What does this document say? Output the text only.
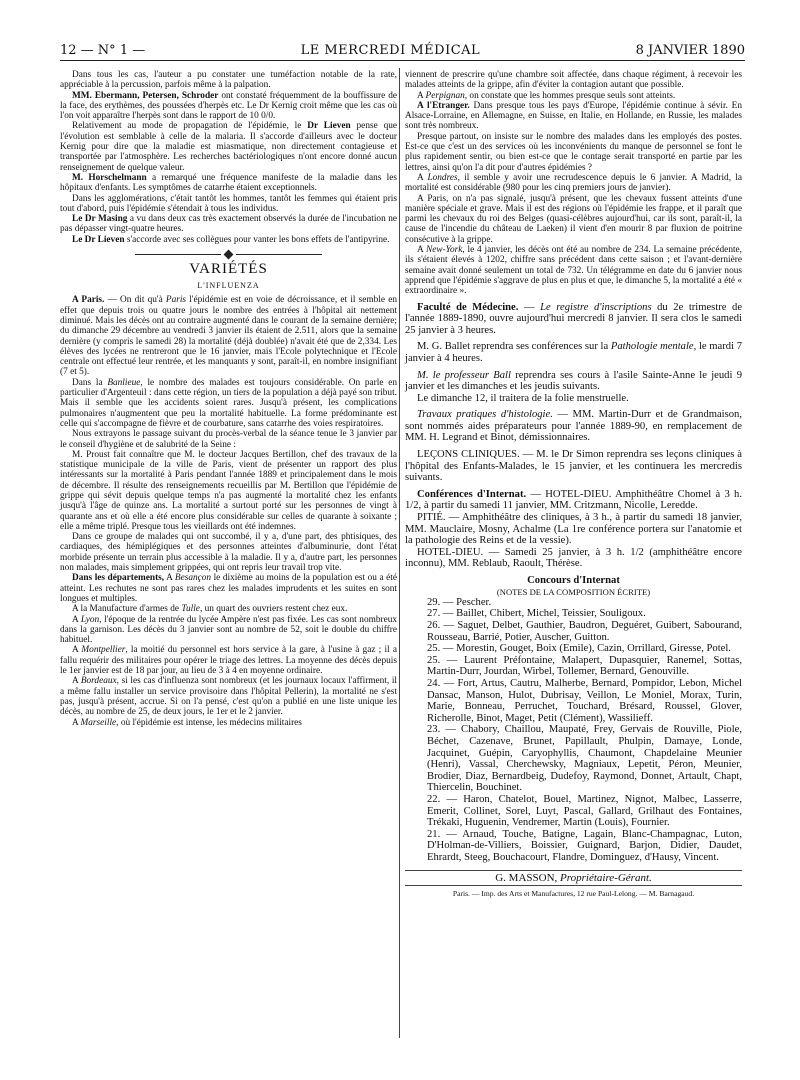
12 — N° 1 —	LE MERCREDI MÉDICAL	8 JANVIER 1890

Dans tous les cas, l'auteur a pu constater une tuméfaction notable de la rate, appréciable à la percussion, parfois même à la palpation.

MM. Ebermann, Petersen, Schroder ont constaté fréquemment de la bouffissure de la face, des erythèmes, des poussées d'herpès etc. Le Dr Kernig croit même que les cas où l'on voit apparaître l'herpès sont dans le rapport de 10 0/0.

Relativement au mode de propagation de l'épidémie, le Dr Lieven pense que l'évolution est semblable à celle de la malaria. Il s'accorde d'ailleurs avec le docteur Kernig pour dire que la maladie est miasmatique, non directement contagieuse et transportée par l'atmosphère. Les recherches bactériologiques n'ont encore donné aucun renseignement de quelque valeur.

M. Horschelmann a remarqué une fréquence manifeste de la maladie dans les hôpitaux d'enfants. Les symptômes de catarrhe étaient exceptionnels.

Dans les agglomérations, c'était tantôt les hommes, tantôt les femmes qui étaient pris tout d'abord, puis l'épidémie s'étendait à tous les individus.

Le Dr Masing a vu dans deux cas très exactement observés la durée de l'incubation ne pas dépasser vingt-quatre heures.

Le Dr Lieven s'accorde avec ses collègues pour vanter les bons effets de l'antipyrine.

VARIÉTÉS
L'INFLUENZA

A Paris. — On dit qu'à Paris l'épidémie est en voie de décroissance, et il semble en effet que depuis trois ou quatre jours le nombre des entrées à l'hôpital ait nettement diminué. Mais les décès ont au contraire augmenté dans le courant de la semaine dernière; du dimanche 29 décembre au vendredi 3 janvier ils étaient de 2.511, alors que la semaine dernière (y compris le samedi 28) la mortalité (déjà doublée) n'avait été que de 2,334. Les élèves des lycées ne rentreront que le 16 janvier, mais l'Ecole polytechnique et l'Ecole centrale ont effectué leur rentrée, et les manquants y sont, paraît-il, en nombre insignifiant (7 et 5).

Dans la Banlieue, le nombre des malades est toujours considérable. On parle en particulier d'Argenteuil : dans cette région, un tiers de la population a déjà payé son tribut. Mais il semble que les accidents soient rares. Jusqu'à présent, les complications pulmonaires n'augmentent que peu la mortalité habituelle. La forme prédominante est celle qui s'accompagne de fièvre et de courbature, sans catarrhe des voies respiratoires.

Nous extrayons le passage suivant du procès-verbal de la séance tenue le 3 janvier par le conseil d'hygiène et de salubrité de la Seine :

M. Proust fait connaître que M. le docteur Jacques Bertillon, chef des travaux de la statistique municipale de la ville de Paris, vient de présenter un rapport des plus intéressants sur la mortalité à Paris pendant l'année 1889 et principalement dans le mois de décembre. Il résulte des renseignements recueillis par M. Bertillon que l'épidémie de grippe qui sévit depuis quelque temps n'a pas augmenté la mortalité chez les enfants jusqu'à l'âge de quinze ans. La mortalité a surtout porté sur les personnes de vingt à quarante ans et où elle a été encore plus considérable sur celles de quarante à soixante ; elle a même triplé. Presque tous les vieillards ont été indemnes.

Dans ce groupe de malades qui ont succombé, il y a, d'une part, des phtisiques, des cardiaques, des hémiplégiques et des personnes atteintes d'albuminurie, dont l'état morbide présente un terrain plus accessible à la maladie. Il y a, d'autre part, les personnes non malades, mais simplement grippées, qui ont repris leur travail trop vite.

Dans les départements, A Besançon le dixième au moins de la population est ou a été atteint. Les rechutes ne sont pas rares chez les malades imprudents et les suites en sont longues et multiples.

A la Manufacture d'armes de Tulle, un quart des ouvriers restent chez eux.

A Lyon, l'époque de la rentrée du lycée Ampère n'est pas fixée. Les cas sont nombreux dans la garnison. Les décès du 3 janvier sont au nombre de 52, soit le double du chiffre habituel.

A Montpellier, la moitié du personnel est hors service à la gare, à l'usine à gaz ; il a fallu requérir des militaires pour opérer le triage des lettres. La moyenne des décès depuis le 1er janvier est de 18 par jour, au lieu de 3 à 4 en moyenne ordinaire.

A Bordeaux, si les cas d'influenza sont nombreux (et les journaux locaux l'affirment, il a même fallu installer un service provisoire dans l'hôpital Pellerin), la mortalité ne s'est pas, jusqu'à présent, accrue. Si on l'a pensé, c'est qu'on a publié en une liste unique les décès, au nombre de 25, de deux jours, le 1er et le 2 janvier.

A Marseille, où l'épidémie est intense, les médecins militaires

viennent de prescrire qu'une chambre soit affectée, dans chaque régiment, à recevoir les malades atteints de la grippe, afin d'éviter la contagion autant que possible.

A Perpignan, on constate que les hommes presque seuls sont atteints.

A l'Etranger. Dans presque tous les pays d'Europe, l'épidémie continue à sévir. En Alsace-Lorraine, en Allemagne, en Suisse, en Italie, en Hollande, en Russie, les malades sont très nombreux.

Presque partout, on insiste sur le nombre des malades dans les employés des postes. Est-ce que c'est un des services où les inconvénients du manque de personnel se font le plus rapidement sentir, ou bien est-ce que le contage serait transporté en partie par les lettres, ainsi qu'on l'a dit pour d'autres épidémies ?

A Londres, il semble y avoir une recrudescence depuis le 6 janvier. A Madrid, la mortalité est considérable (980 pour les cinq premiers jours de janvier).

A Paris, on n'a pas signalé, jusqu'à présent, que les chevaux fussent atteints d'une manière spéciale et grave. Mais il est des régions où l'épidémie les frappe, et il paraît que parmi les chevaux du roi des Belges (quasi-célèbres aujourd'hui, car ils sont, paraît-il, la cause de l'incendie du château de Laeken) il vient d'en mourir 8 par fluxion de poitrine consécutive à la grippe.

A New-York, le 4 janvier, les décès ont été au nombre de 234. La semaine précédente, ils s'étaient élevés à 1202, chiffre sans précédent dans cette saison ; et l'avant-dernière semaine avait donné seulement un total de 732. Un télégramme en date du 6 janvier nous apprend que l'épidémie s'aggrave de plus en plus et que, le dimanche 5, la mortalité a été « extraordinaire ».

Faculté de Médecine. — Le registre d'inscriptions du 2e trimestre de l'année 1889-1890, ouvre aujourd'hui mercredi 8 janvier. Il sera clos le samedi 25 janvier à 3 heures.

M. G. Ballet reprendra ses conférences sur la Pathologie mentale, le mardi 7 janvier à 4 heures.

M. le professeur Ball reprendra ses cours à l'asile Sainte-Anne le jeudi 9 janvier et les dimanches et les jeudis suivants.

Le dimanche 12, il traitera de la folie menstruelle.

Travaux pratiques d'histologie. — MM. Martin-Durr et de Grandmaison, sont nommés aides préparateurs pour l'année 1889-90, en remplacement de MM. H. Legrand et Binot, démissionnaires.

LEÇONS CLINIQUES. — M. le Dr Simon reprendra ses leçons cliniques à l'hôpital des Enfants-Malades, le 15 janvier, et les continuera les mercredis suivants.

Conférences d'Internat. — HOTEL-DIEU. Amphithéâtre Chomel à 3 h. 1/2, à partir du samedi 11 janvier, MM. Critzmann, Nicolle, Leredde.

PITIÉ. — Amphithéâtre des cliniques, à 3 h., à partir du samedi 18 janvier, MM. Mauclaire, Mosny, Achalme (La 1re conférence portera sur l'anatomie et la pathologie des Reins et de la vessie).

HOTEL-DIEU. — Samedi 25 janvier, à 3 h. 1/2 (amphithéâtre encore inconnu), MM. Reblaub, Raoult, Thérèse.

Concours d'Internat

(NOTES DE LA COMPOSITION ÉCRITE)

29. — Pescher.

27. — Baillet, Chibert, Michel, Teissier, Souligoux.

26. — Saguet, Delbet, Gauthier, Baudron, Deguéret, Guibert, Sabourand, Rousseau, Barrié, Potier, Auscher, Guitton.

25. — Morestin, Gouget, Boix (Emile), Cazin, Orrillard, Giresse, Potel.

25. — Laurent Préfontaine, Malapert, Dupasquier, Ranemel, Sottas, Martin-Durr, Jourdan, Wirbel, Tollemer, Bernard, Genouville.

24. — Fort, Artus, Cautru, Malherbe, Bernard, Pompidor, Lebon, Michel Dansac, Manson, Hulot, Dubrisay, Veillon, Le Moniel, Morax, Turin, Marie, Bonneau, Perruchet, Touchard, Brésard, Roussel, Glover, Richerolle, Binot, Maget, Petit (Clément), Wassilieff.

23. — Chabory, Chaillou, Maupaté, Frey, Gervais de Rouville, Piole, Béchet, Cazenave, Brunet, Papillault, Phulpin, Damaye, Londe, Jacquinet, Guépin, Caryophyllis, Chaumont, Chapdelaine Meunier (Henri), Vassal, Cherchewsky, Magniaux, Lepetit, Péron, Meunier, Brodier, Diaz, Bernardbeig, Dudefoy, Raymond, Donnet, Artault, Chapt, Thiercelin, Bouchinet.

22. — Haron, Chatelot, Bouel, Martinez, Nignot, Malbec, Lasserre, Emerit, Collinet, Sorel, Luyt, Pascal, Gallard, Grilhaut des Fontaines, Trékaki, Huguenin, Vendremer, Martin (Louis), Fournier.

21. — Arnaud, Touche, Batigne, Lagain, Blanc-Champagnac, Luton, D'Holman-de-Villiers, Boissier, Guignard, Barjon, Didier, Daudet, Ehrardt, Steeg, Bouchacourt, Flandre, Dominguez, d'Hausy, Vincent.

G. MASSON, Propriétaire-Gérant.
Paris. — Imp. des Arts et Manufactures, 12 rue Paul-Lelong. — M. Barnagaud.
